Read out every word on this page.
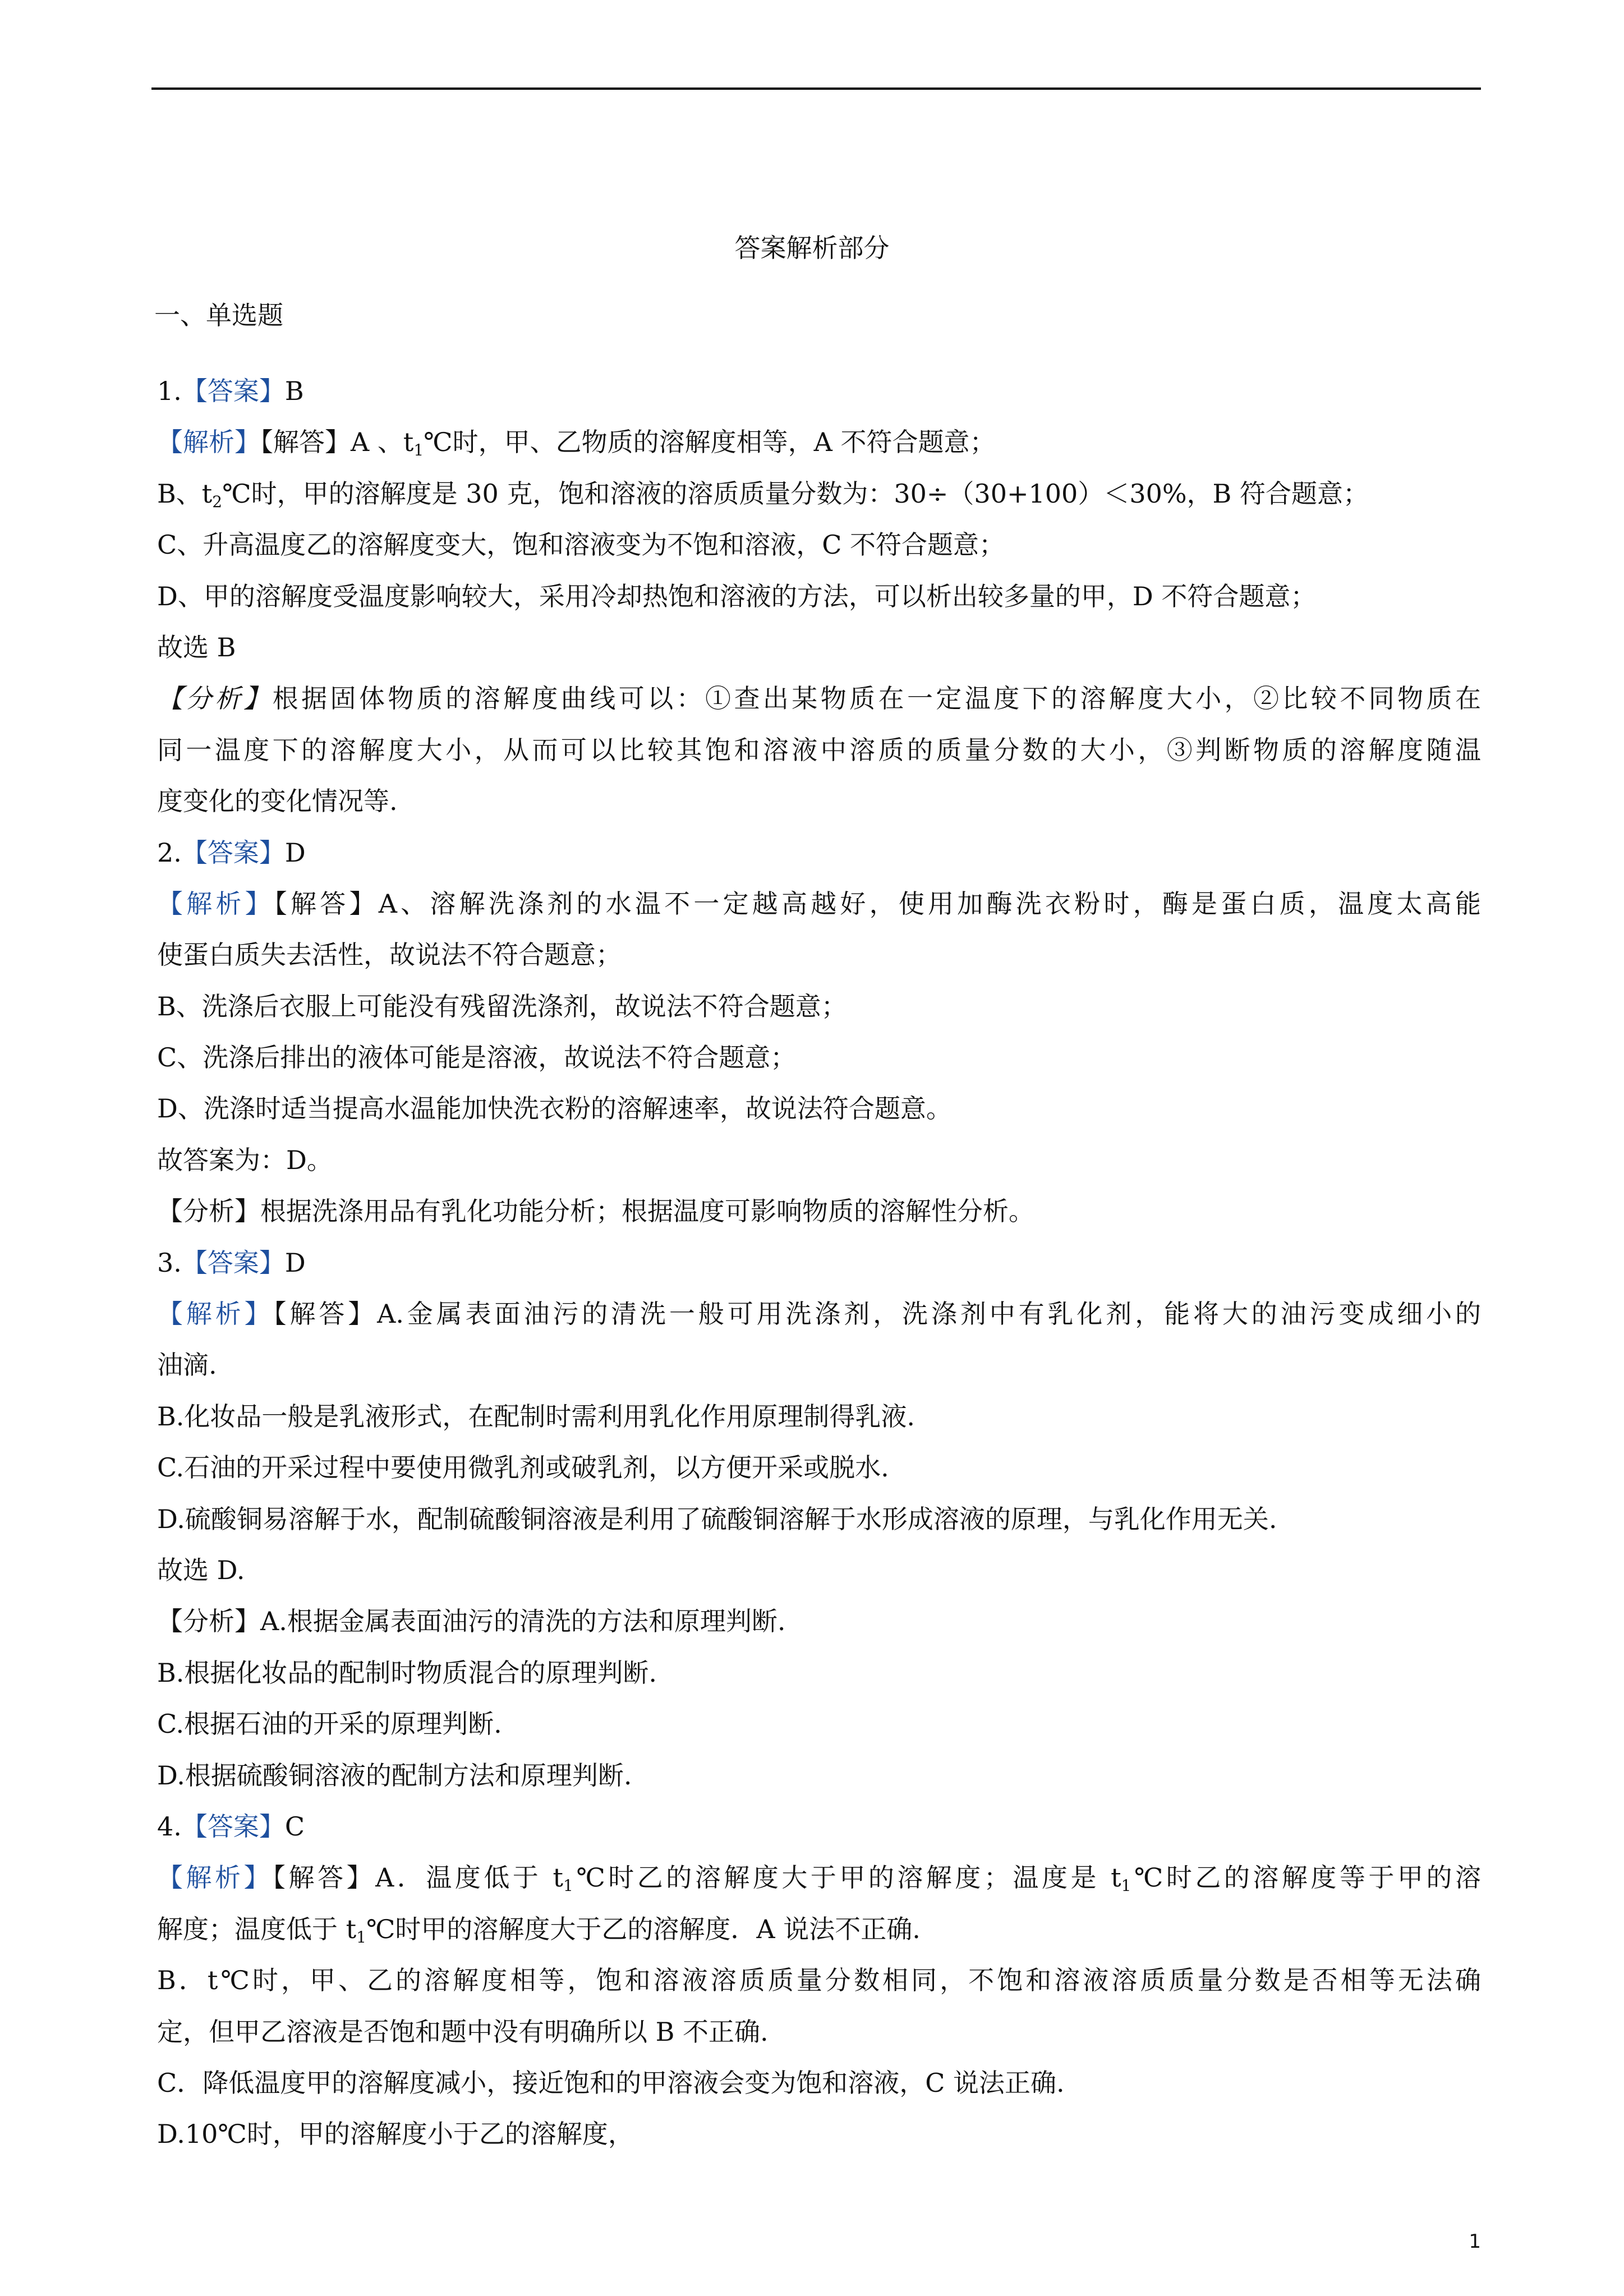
答案解析部分
一、单选题
1.【答案】B
【解析】【解答】A 、$t_1℃$时，甲、乙物质的溶解度相等，A 不符合题意；
B、$t_2℃$时，甲的溶解度是 30 克，饱和溶液的溶质质量分数为：30÷（30+100）＜30%，B 符合题意；
C、升高温度乙的溶解度变大，饱和溶液变为不饱和溶液，C 不符合题意；
D、甲的溶解度受温度影响较大，采用冷却热饱和溶液的方法，可以析出较多量的甲，D 不符合题意；
故选 B
【分析】根据固体物质的溶解度曲线可以：①查出某物质在一定温度下的溶解度大小，②比较不同物质在
同一温度下的溶解度大小，从而可以比较其饱和溶液中溶质的质量分数的大小，③判断物质的溶解度随温
度变化的变化情况等.
2.【答案】D
【解析】【解答】A、溶解洗涤剂的水温不一定越高越好，使用加酶洗衣粉时，酶是蛋白质，温度太高能
使蛋白质失去活性，故说法不符合题意；
B、洗涤后衣服上可能没有残留洗涤剂，故说法不符合题意；
C、洗涤后排出的液体可能是溶液，故说法不符合题意；
D、洗涤时适当提高水温能加快洗衣粉的溶解速率，故说法符合题意。
故答案为：D。
【分析】根据洗涤用品有乳化功能分析；根据温度可影响物质的溶解性分析。
3.【答案】D
【解析】【解答】A.金属表面油污的清洗一般可用洗涤剂，洗涤剂中有乳化剂，能将大的油污变成细小的
油滴.
B.化妆品一般是乳液形式，在配制时需利用乳化作用原理制得乳液.
C.石油的开采过程中要使用微乳剂或破乳剂，以方便开采或脱水.
D.硫酸铜易溶解于水，配制硫酸铜溶液是利用了硫酸铜溶解于水形成溶液的原理，与乳化作用无关.
故选 D.
【分析】A.根据金属表面油污的清洗的方法和原理判断.
B.根据化妆品的配制时物质混合的原理判断.
C.根据石油的开采的原理判断.
D.根据硫酸铜溶液的配制方法和原理判断.
4.【答案】C
【解析】【解答】A．温度低于 $t_1℃$时乙的溶解度大于甲的溶解度；温度是 $t_1℃$时乙的溶解度等于甲的溶
解度；温度低于 $t_1℃$时甲的溶解度大于乙的溶解度．A 说法不正确.
B．t℃时，甲、乙的溶解度相等，饱和溶液溶质质量分数相同，不饱和溶液溶质质量分数是否相等无法确
定，但甲乙溶液是否饱和题中没有明确所以 B 不正确.
C．降低温度甲的溶解度减小，接近饱和的甲溶液会变为饱和溶液，C 说法正确.
D.10℃时，甲的溶解度小于乙的溶解度，
1
